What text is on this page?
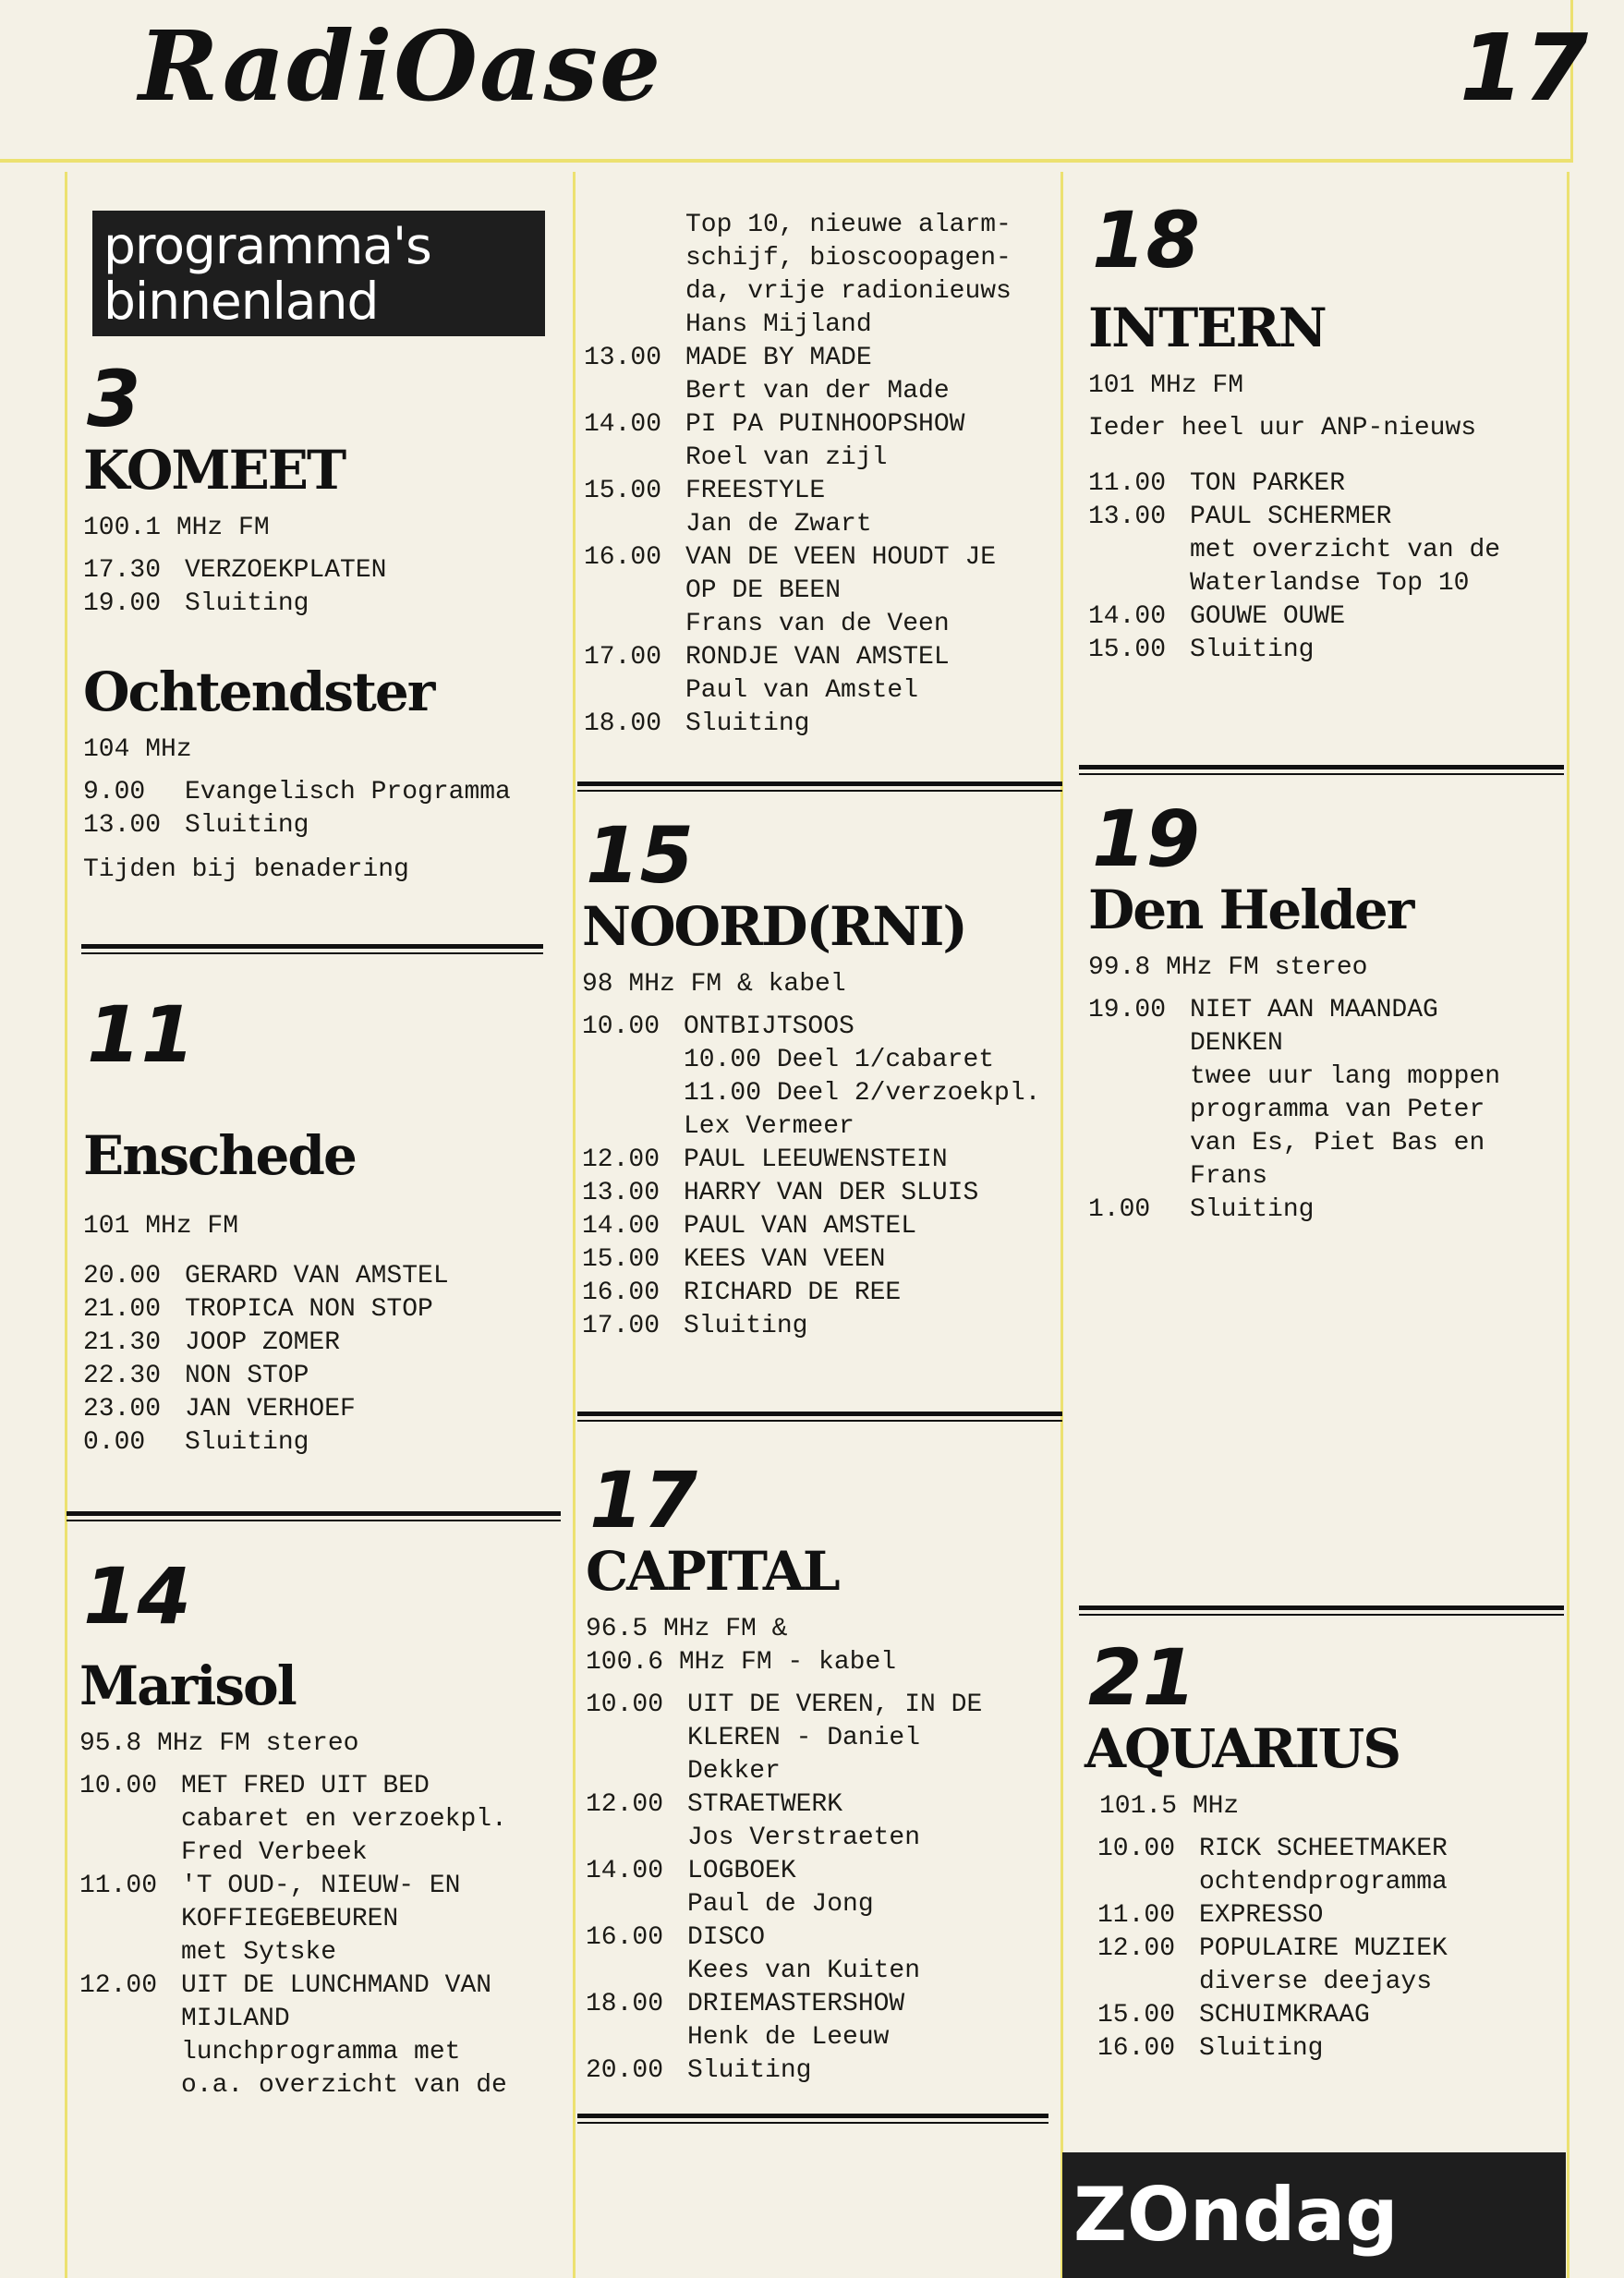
RadiOase	17
programma's
binnenland
3
KOMEET
100.1 MHz FM
17.30 VERZOEKPLATEN
19.00 Sluiting
Ochtendster
104 MHz
9.00	Evangelisch Programma
13.00 Sluiting
Tijden bij benadering
11
Enschede
101 MHz FM
20.00 GERARD VAN AMSTEL
21.00 TROPICA NON STOP
21.30 JOOP ZOMER
22.30 NON STOP
23.00 JAN VERHOEF
0.00	Sluiting
14
Marisol
95.8 MHz FM stereo
10.00 MET FRED UIT BED
cabaret en verzoekpl.
Fred Verbeek
11.00 'T OUD-, NIEUW- EN
KOFFIEGEBEUREN
met Sytske
12.00 UIT DE LUNCHMAND VAN
MIJLAND
lunchprogramma met
o.a. overzicht van de
Top 10, nieuwe alarm-
schijf, bioscoopagen-
da, vrije radionieuws
Hans Mijland
13.00 MADE BY MADE
Bert van der Made
14.00 PI PA PUINHOOPSHOW
Roel van zijl
15.00 FREESTYLE
Jan de Zwart
16.00 VAN DE VEEN HOUDT JE
OP DE BEEN
Frans van de Veen
17.00 RONDJE VAN AMSTEL
Paul van Amstel
18.00 Sluiting
15
NOORD(RNI)
98 MHz FM & kabel
10.00 ONTBIJTSOOS
10.00 Deel 1/cabaret
11.00 Deel 2/verzoekpl.
Lex Vermeer
12.00 PAUL LEEUWENSTEIN
13.00 HARRY VAN DER SLUIS
14.00 PAUL VAN AMSTEL
15.00 KEES VAN VEEN
16.00 RICHARD DE REE
17.00 Sluiting
17
CAPITAL
96.5 MHz FM &
100.6 MHz FM - kabel
10.00 UIT DE VEREN, IN DE
KLEREN - Daniel
Dekker
12.00 STRAETWERK
Jos Verstraeten
14.00 LOGBOEK
Paul de Jong
16.00 DISCO
Kees van Kuiten
18.00 DRIEMASTERSHOW
Henk de Leeuw
20.00 Sluiting
18
INTERN
101 MHz FM
Ieder heel uur ANP-nieuws
11.00 TON PARKER
13.00 PAUL SCHERMER
met overzicht van de
Waterlandse Top 10
14.00 GOUWE OUWE
15.00 Sluiting
19
Den Helder
99.8 MHz FM stereo
19.00 NIET AAN MAANDAG
DENKEN
twee uur lang moppen
programma van Peter
van Es, Piet Bas en
Frans
1.00	Sluiting
21
AQUARIUS
101.5 MHz
10.00 RICK SCHEETMAKER
ochtendprogramma
11.00 EXPRESSO
12.00 POPULAIRE MUZIEK
diverse deejays
15.00 SCHUIMKRAAG
16.00 Sluiting
ZOndag
